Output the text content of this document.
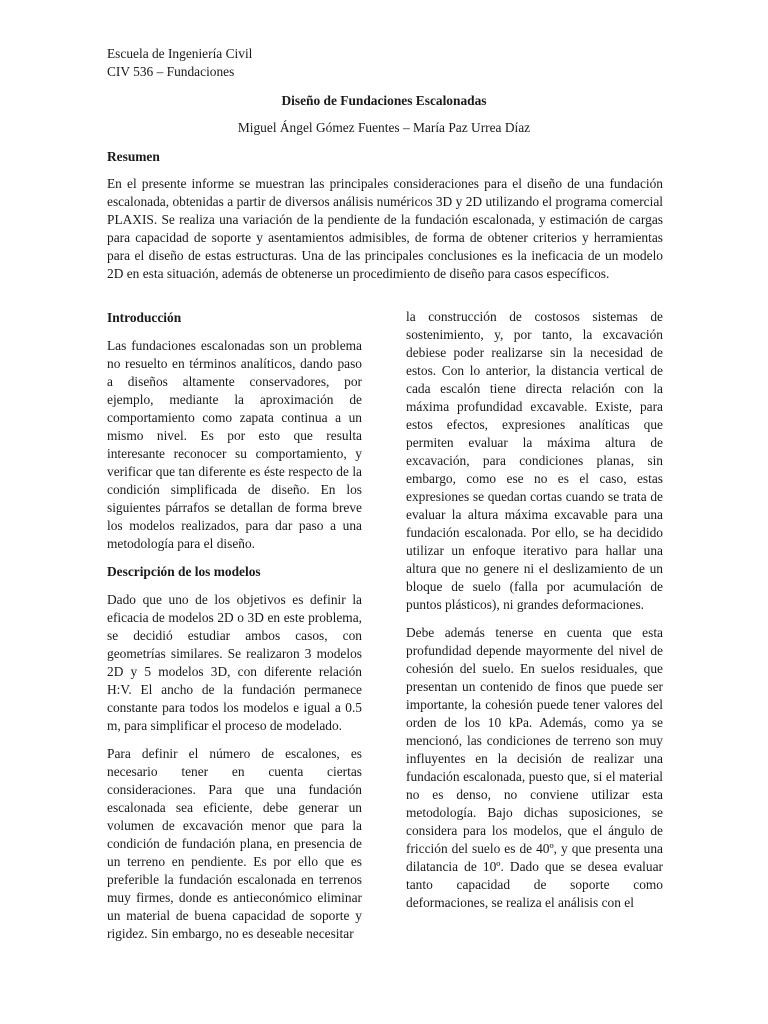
Escuela de Ingeniería Civil
CIV 536 – Fundaciones
Diseño de Fundaciones Escalonadas
Miguel Ángel Gómez Fuentes – María Paz Urrea Díaz
Resumen
En el presente informe se muestran las principales consideraciones para el diseño de una fundación escalonada, obtenidas a partir de diversos análisis numéricos 3D y 2D utilizando el programa comercial PLAXIS. Se realiza una variación de la pendiente de la fundación escalonada, y estimación de cargas para capacidad de soporte y asentamientos admisibles, de forma de obtener criterios y herramientas para el diseño de estas estructuras. Una de las principales conclusiones es la ineficacia de un modelo 2D en esta situación, además de obtenerse un procedimiento de diseño para casos específicos.
Introducción

Las fundaciones escalonadas son un problema no resuelto en términos analíticos, dando paso a diseños altamente conservadores, por ejemplo, mediante la aproximación de comportamiento como zapata continua a un mismo nivel. Es por esto que resulta interesante reconocer su comportamiento, y verificar que tan diferente es éste respecto de la condición simplificada de diseño. En los siguientes párrafos se detallan de forma breve los modelos realizados, para dar paso a una metodología para el diseño.

Descripción de los modelos

Dado que uno de los objetivos es definir la eficacia de modelos 2D o 3D en este problema, se decidió estudiar ambos casos, con geometrías similares. Se realizaron 3 modelos 2D y 5 modelos 3D, con diferente relación H:V. El ancho de la fundación permanece constante para todos los modelos e igual a 0.5 m, para simplificar el proceso de modelado.

Para definir el número de escalones, es necesario tener en cuenta ciertas consideraciones. Para que una fundación escalonada sea eficiente, debe generar un volumen de excavación menor que para la condición de fundación plana, en presencia de un terreno en pendiente. Es por ello que es preferible la fundación escalonada en terrenos muy firmes, donde es antieconómico eliminar un material de buena capacidad de soporte y rigidez. Sin embargo, no es deseable necesitar

la construcción de costosos sistemas de sostenimiento, y, por tanto, la excavación debiese poder realizarse sin la necesidad de estos. Con lo anterior, la distancia vertical de cada escalón tiene directa relación con la máxima profundidad excavable. Existe, para estos efectos, expresiones analíticas que permiten evaluar la máxima altura de excavación, para condiciones planas, sin embargo, como ese no es el caso, estas expresiones se quedan cortas cuando se trata de evaluar la altura máxima excavable para una fundación escalonada. Por ello, se ha decidido utilizar un enfoque iterativo para hallar una altura que no genere ni el deslizamiento de un bloque de suelo (falla por acumulación de puntos plásticos), ni grandes deformaciones.

Debe además tenerse en cuenta que esta profundidad depende mayormente del nivel de cohesión del suelo. En suelos residuales, que presentan un contenido de finos que puede ser importante, la cohesión puede tener valores del orden de los 10 kPa. Además, como ya se mencionó, las condiciones de terreno son muy influyentes en la decisión de realizar una fundación escalonada, puesto que, si el material no es denso, no conviene utilizar esta metodología. Bajo dichas suposiciones, se considera para los modelos, que el ángulo de fricción del suelo es de 40º, y que presenta una dilatancia de 10º. Dado que se desea evaluar tanto capacidad de soporte como deformaciones, se realiza el análisis con el
